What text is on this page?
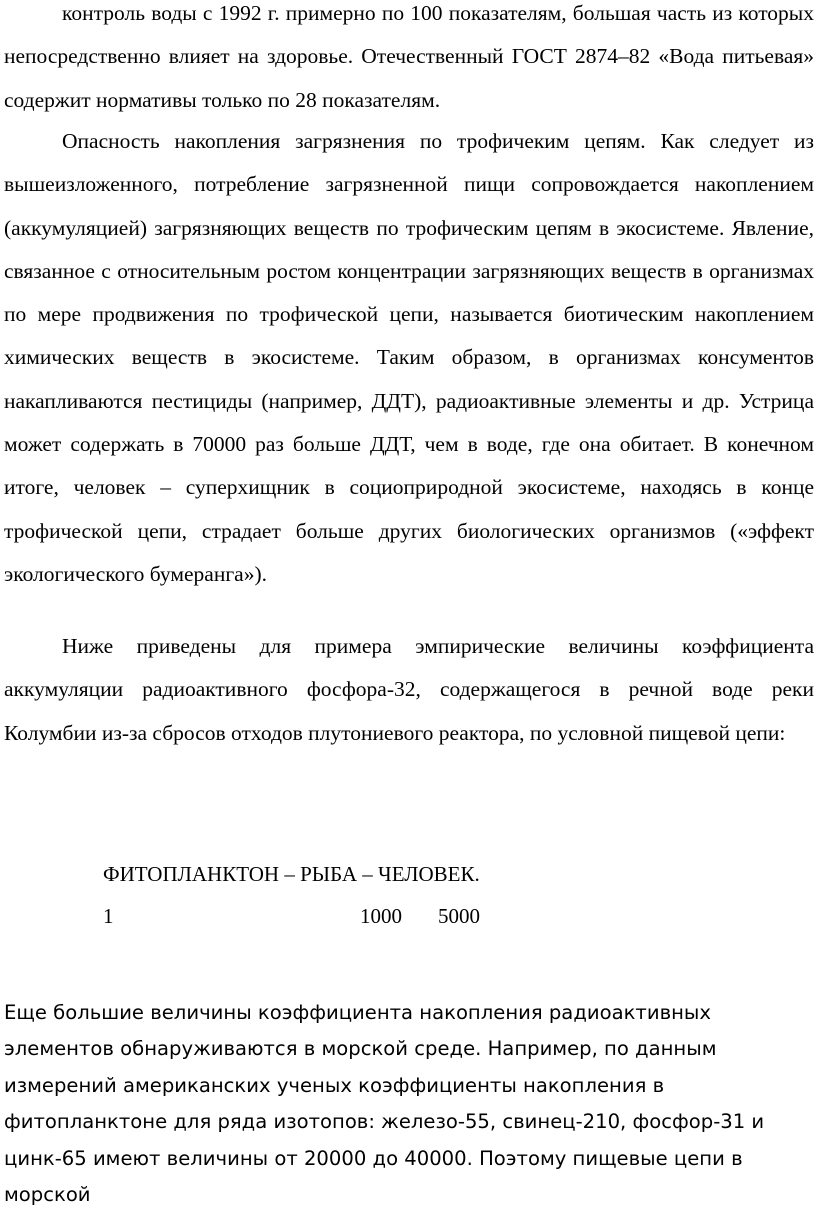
контроль воды с 1992 г. примерно по 100 показателям, большая часть из которых непосредственно влияет на здоровье. Отечественный ГОСТ 2874–82 «Вода питьевая» содержит нормативы только по 28 показателям.

Опасность накопления загрязнения по трофичеким цепям. Как следует из вышеизложенного, потребление загрязненной пищи сопровождается накоплением (аккумуляцией) загрязняющих веществ по трофическим цепям в экосистеме. Явление, связанное с относительным ростом концентрации загрязняющих веществ в организмах по мере продвижения по трофической цепи, называется биотическим накоплением химических веществ в экосистеме. Таким образом, в организмах консументов накапливаются пестициды (например, ДДТ), радиоактивные элементы и др. Устрица может содержать в 70000 раз больше ДДТ, чем в воде, где она обитает. В конечном итоге, человек – суперхищник в социоприродной экосистеме, находясь в конце трофической цепи, страдает больше других биологических организмов («эффект экологического бумеранга»).

Ниже приведены для примера эмпирические величины коэффициента аккумуляции радиоактивного фосфора-32, содержащегося в речной воде реки Колумбии из-за сбросов отходов плутониевого реактора, по условной пищевой цепи:

ФИТОПЛАНКТОН – РЫБА – ЧЕЛОВЕК.
1	1000 5000

Еще большие величины коэффициента накопления радиоактивных элементов обнаруживаются в морской среде. Например, по данным измерений американских ученых коэффициенты накопления в фитопланктоне для ряда изотопов: железо-55, свинец-210, фосфор-31 и цинк-65 имеют величины от 20000 до 40000. Поэтому пищевые цепи в морской
